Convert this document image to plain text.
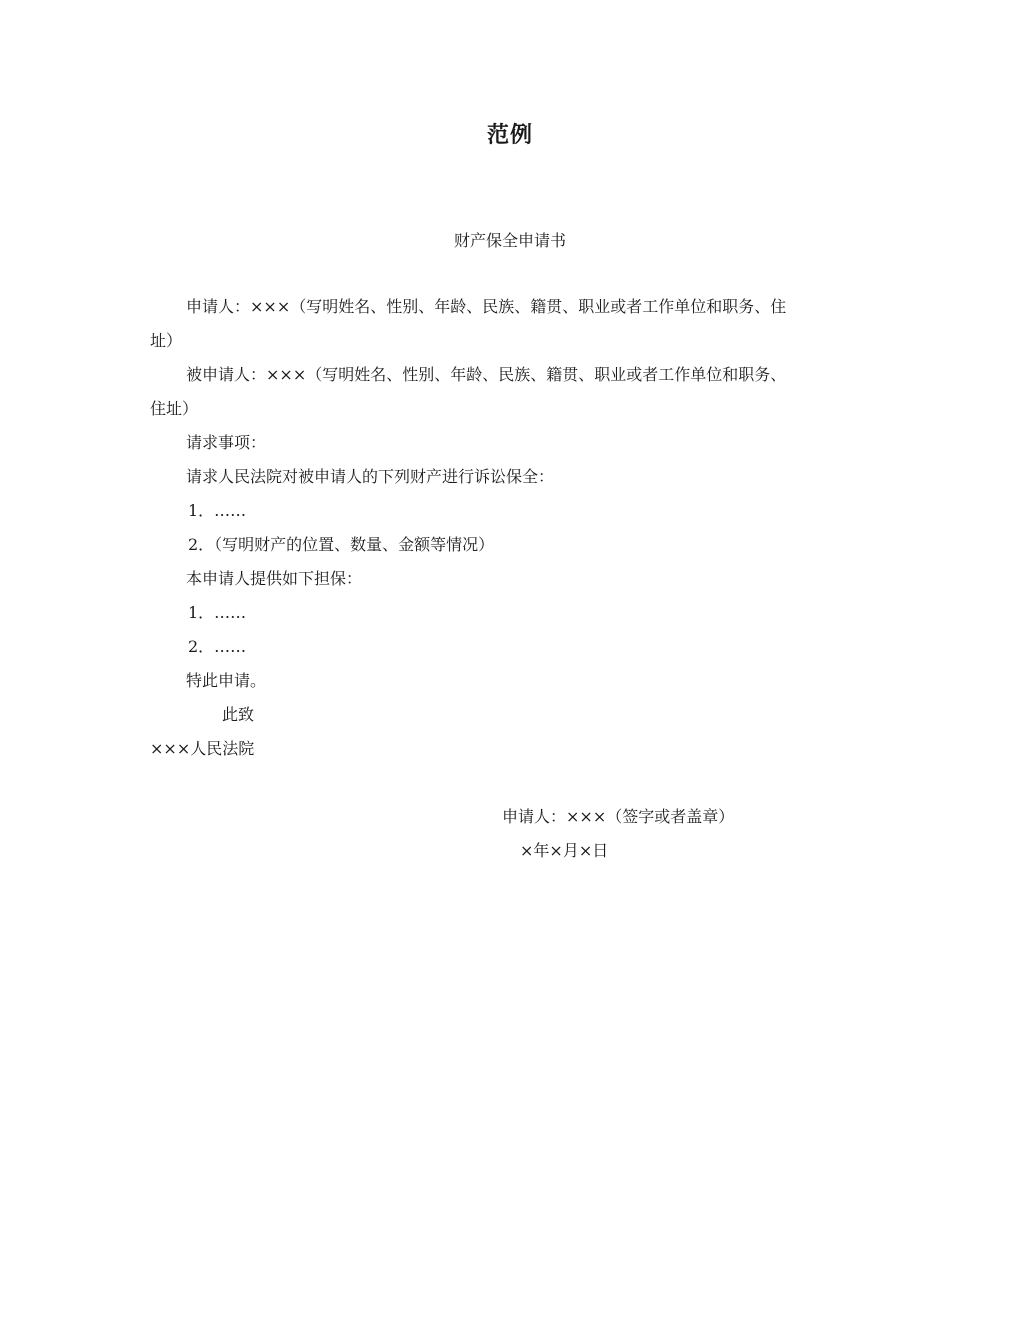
范例
财产保全申请书

申请人：×××（写明姓名、性别、年龄、民族、籍贯、职业或者工作单位和职务、住址）

被申请人：×××（写明姓名、性别、年龄、民族、籍贯、职业或者工作单位和职务、住址）

请求事项：

请求人民法院对被申请人的下列财产进行诉讼保全：

1．……

2．（写明财产的位置、数量、金额等情况）

本申请人提供如下担保：

1．……

2．……

特此申请。

此致

×××人民法院

申请人：×××（签字或者盖章）
×年×月×日
